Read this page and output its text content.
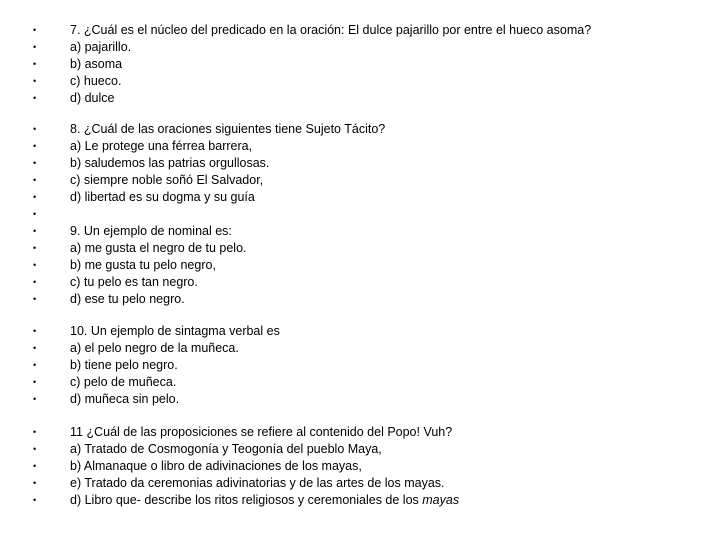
•	7. ¿Cuál es el núcleo del predicado en la oración: El dulce pajarillo por entre el hueco asoma?
•	a) pajarillo.
•	b) asoma
•	c) hueco.
•	d) dulce
•	8. ¿Cuál de las oraciones siguientes tiene Sujeto Tácito?
•	a) Le protege una férrea barrera,
•	b) saludemos las patrias orgullosas.
•	c) siempre noble soñó El Salvador,
•	d) libertad es su dogma y su guía
•
•	9. Un ejemplo de nominal es:
•	a) me gusta el negro de tu pelo.
•	b) me gusta tu pelo negro,
•	c) tu pelo es tan negro.
•	d) ese tu pelo negro.
•	10. Un ejemplo de sintagma verbal es
•	a) el pelo negro de la muñeca.
•	b) tiene pelo negro.
•	c) pelo de muñeca.
•	d) muñeca sin pelo.
•	11 ¿Cuál de las proposiciones se refiere al contenido del Popo! Vuh?
•	a) Tratado de Cosmogonía y Teogonía del pueblo Maya,
•	b) Almanaque o libro de adivinaciones de los mayas,
•	e) Tratado da ceremonias adivinatorias y de las artes de los mayas.
•	d) Libro que- describe los ritos religiosos y ceremoniales de los mayas
